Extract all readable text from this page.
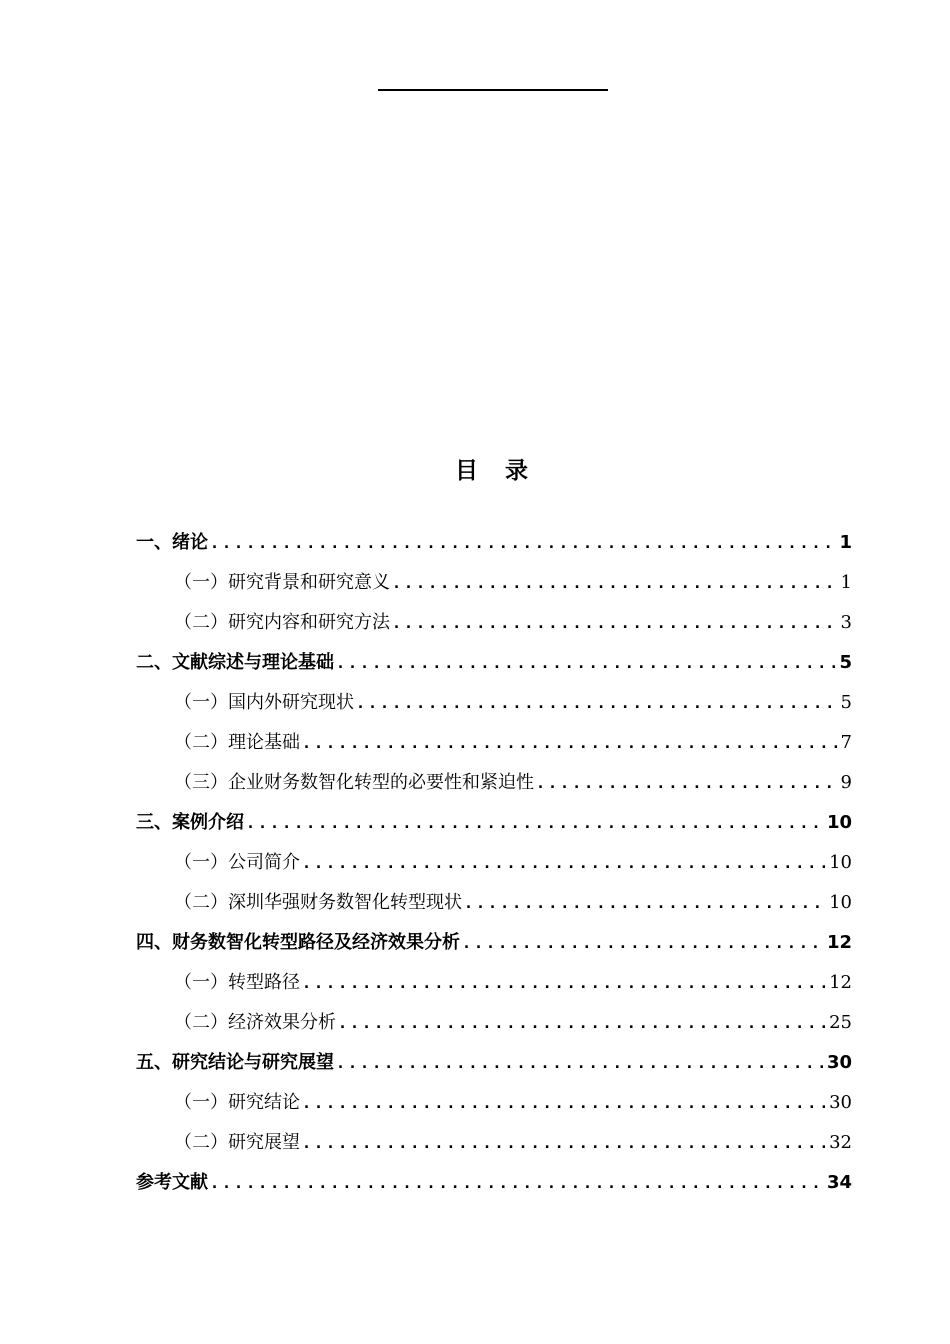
目　录
一、绪论 .....	1
（一）研究背景和研究意义 .....	1
（二）研究内容和研究方法 .....	3
二、文献综述与理论基础 .....	5
（一）国内外研究现状 .....	5
（二）理论基础 .....	7
（三）企业财务数智化转型的必要性和紧迫性 .....	9
三、案例介绍 .....	10
（一）公司简介 .....	10
（二）深圳华强财务数智化转型现状 .....	10
四、财务数智化转型路径及经济效果分析 .....	12
（一）转型路径 .....	12
（二）经济效果分析 .....	25
五、研究结论与研究展望 .....	30
（一）研究结论 .....	30
（二）研究展望 .....	32
参考文献 .....	34
